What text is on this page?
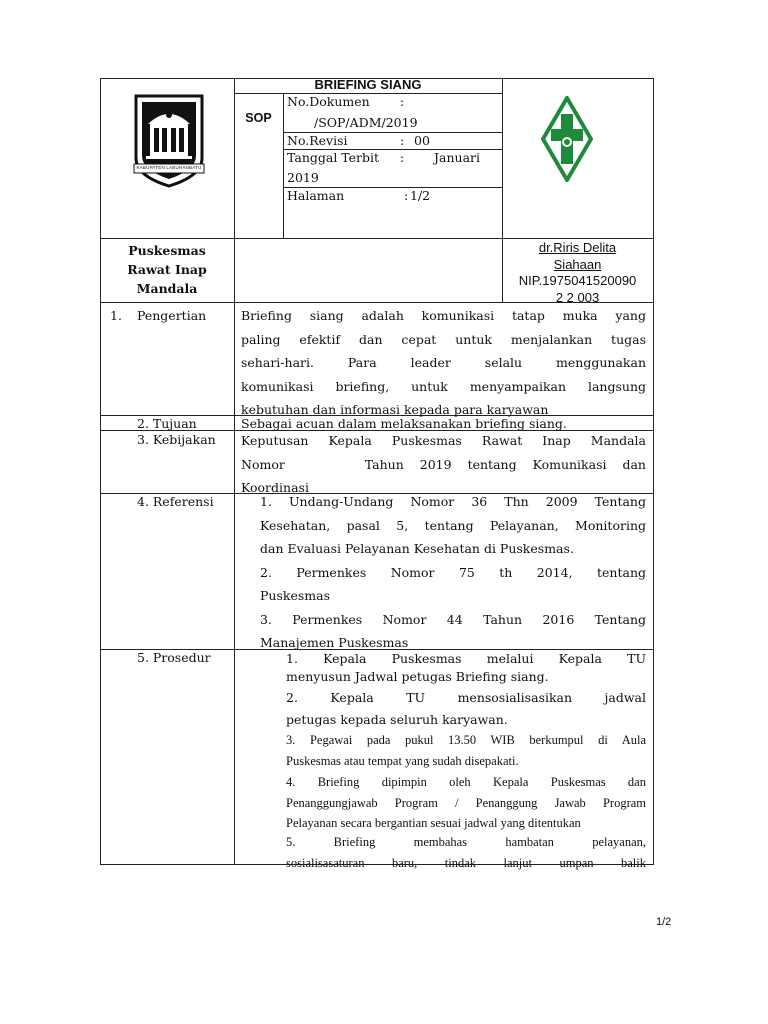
KABUPATEN LABUHANBATU
BRIEFING SIANG
SOP
No.Dokumen :
/SOP/ADM/2019
No.Revisi	: 00
Tanggal Terbit : Januari
2019
Halaman	: 1/2
Puskesmas
Rawat Inap
Mandala
dr.Riris Delita
Siahaan
NIP.1975041520090
2 2 003
1. Pengertian	Briefing siang adalah komunikasi tatap muka yang
paling efektif dan cepat untuk menjalankan tugas
sehari-hari. Para leader selalu menggunakan
komunikasi briefing, untuk menyampaikan langsung
kebutuhan dan informasi kepada para karyawan
2. Tujuan	Sebagai acuan dalam melaksanakan briefing siang.
3. Kebijakan Keputusan Kepala Puskesmas Rawat Inap Mandala
Nomor     Tahun 2019 tentang Komunikasi dan
Koordinasi
4. Referensi	1. Undang-Undang Nomor 36 Thn 2009 Tentang
Kesehatan, pasal 5, tentang Pelayanan, Monitoring
dan Evaluasi Pelayanan Kesehatan di Puskesmas.
2. Permenkes Nomor 75 th 2014, tentang
Puskesmas
3. Permenkes Nomor 44 Tahun 2016 Tentang
Manajemen Puskesmas
5. Prosedur	1. Kepala Puskesmas melalui Kepala TU
menyusun Jadwal petugas Briefing siang.
2. Kepala TU mensosialisasikan jadwal
petugas kepada seluruh karyawan.
3. Pegawai pada pukul 13.50 WIB berkumpul di Aula
Puskesmas atau tempat yang sudah disepakati.
4. Briefing dipimpin oleh Kepala Puskesmas dan
Penanggungjawab Program / Penanggung Jawab Program
Pelayanan secara bergantian sesuai jadwal yang ditentukan
5. Briefing membahas hambatan pelayanan,
sosialisasaturan baru, tindak lanjut umpan balik
1/2
